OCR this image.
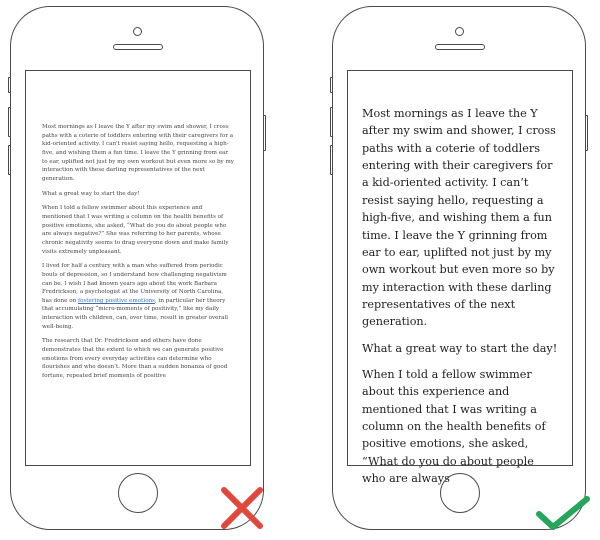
Most mornings as I leave the Y after my swim and shower, I cross paths with a coterie of toddlers entering with their caregivers for a kid-oriented activity. I can't resist saying hello, requesting a high-five, and wishing them a fun time. I leave the Y grinning from ear to ear, uplifted not just by my own workout but even more so by my interaction with these darling representatives of the next generation.

What a great way to start the day!

When I told a fellow swimmer about this experience and mentioned that I was writing a column on the health benefits of positive emotions, she asked, “What do you do about people who are always negative?” She was referring to her parents, whose chronic negativity seems to drag everyone down and make family visits extremely unpleasant.

I lived for half a century with a man who suffered from periodic bouts of depression, so I understand how challenging negativism can be. I wish I had known years ago about the work Barbara Fredrickson, a psychologist at the University of North Carolina, has done on fostering positive emotions, in particular her theory that accumulating “micro-moments of positivity,” like my daily interaction with children, can, over time, result in greater overall well-being.

The research that Dr. Fredrickson and others have done demonstrates that the extent to which we can generate positive emotions from every everyday activities can determine who flourishes and who doesn’t. More than a sudden bonanza of good fortune, repeated brief moments of positive

Most mornings as I leave the Y after my swim and shower, I cross paths with a coterie of toddlers entering with their caregivers for a kid-oriented activity. I can’t resist saying hello, requesting a high-five, and wishing them a fun time. I leave the Y grinning from ear to ear, uplifted not just by my own workout but even more so by my interaction with these darling representatives of the next generation.

What a great way to start the day!

When I told a fellow swimmer about this experience and mentioned that I was writing a column on the health benefits of positive emotions, she asked, “What do you do about people who are always
